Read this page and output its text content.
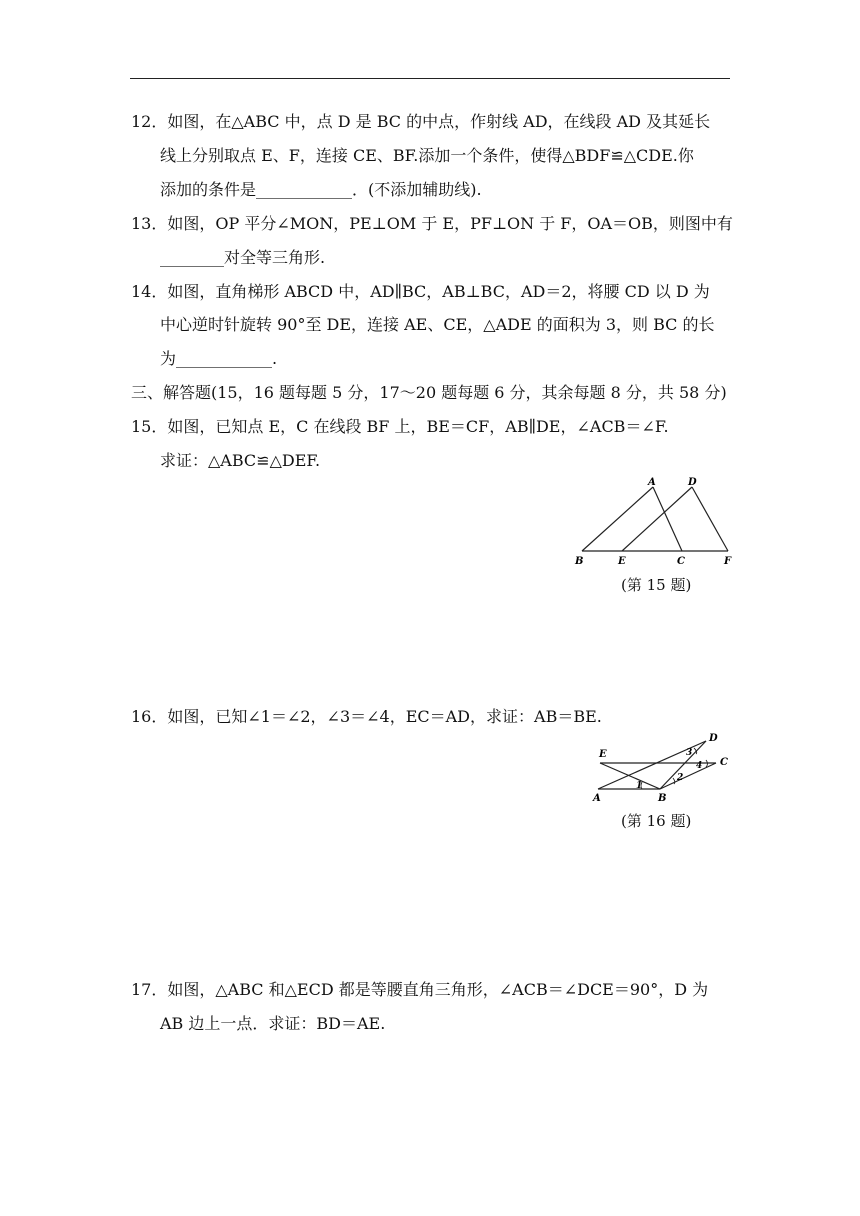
12．如图，在△ABC 中，点 D 是 BC 的中点，作射线 AD，在线段 AD 及其延长
线上分别取点 E、F，连接 CE、BF.添加一个条件，使得△BDF≌△CDE.你
添加的条件是____________．(不添加辅助线).
13．如图，OP 平分∠MON，PE⊥OM 于 E，PF⊥ON 于 F，OA＝OB，则图中有
________对全等三角形.
14．如图，直角梯形 ABCD 中，AD∥BC，AB⊥BC，AD＝2，将腰 CD 以 D 为
中心逆时针旋转 90°至 DE，连接 AE、CE，△ADE 的面积为 3，则 BC 的长
为____________.
三、解答题(15，16 题每题 5 分，17～20 题每题 6 分，其余每题 8 分，共 58 分)
15．如图，已知点 E，C 在线段 BF 上，BE＝CF，AB∥DE，∠ACB＝∠F.
求证：△ABC≌△DEF.
A	D
B	E	C	F
(第 15 题)
16．如图，已知∠1＝∠2，∠3＝∠4，EC＝AD，求证：AB＝BE.
E
D
C
A	B
1
2
3
4
(第 16 题)
17．如图，△ABC 和△ECD 都是等腰直角三角形，∠ACB＝∠DCE＝90°，D 为
AB 边上一点．求证：BD＝AE.
